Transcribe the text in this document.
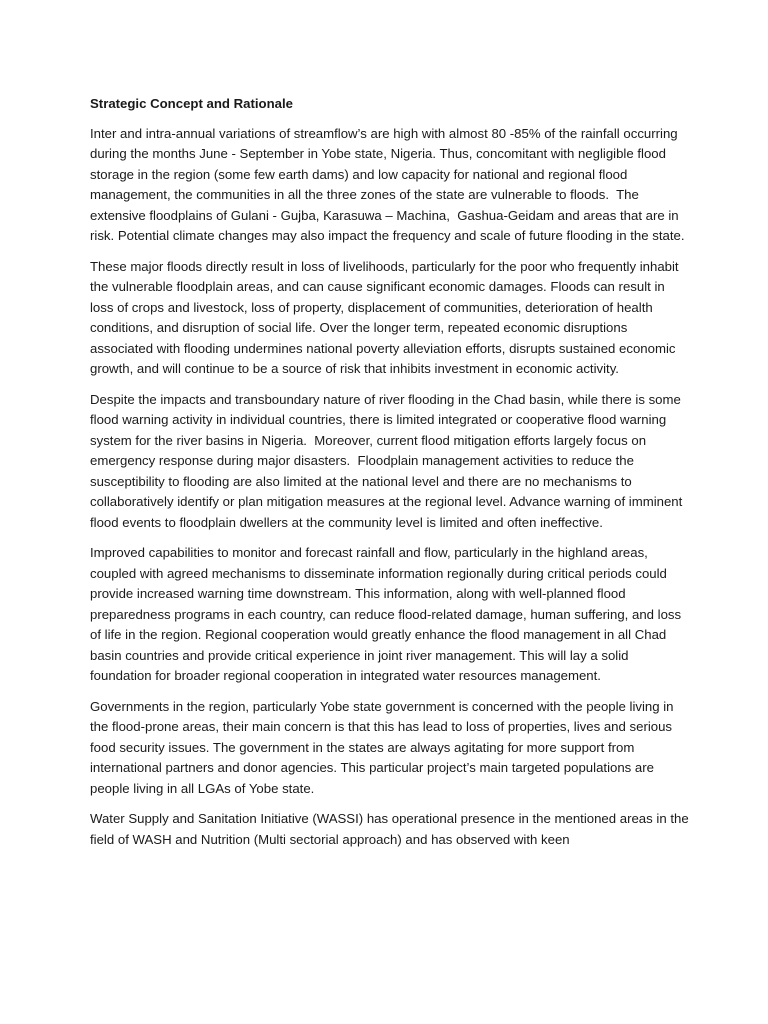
Strategic Concept and Rationale

Inter and intra-annual variations of streamflow’s are high with almost 80 -85% of the rainfall occurring during the months June - September in Yobe state, Nigeria. Thus, concomitant with negligible flood storage in the region (some few earth dams) and low capacity for national and regional flood management, the communities in all the three zones of the state are vulnerable to floods.  The extensive floodplains of Gulani - Gujba, Karasuwa – Machina,  Gashua-Geidam and areas that are in risk. Potential climate changes may also impact the frequency and scale of future flooding in the state.

These major floods directly result in loss of livelihoods, particularly for the poor who frequently inhabit the vulnerable floodplain areas, and can cause significant economic damages. Floods can result in loss of crops and livestock, loss of property, displacement of communities, deterioration of health conditions, and disruption of social life. Over the longer term, repeated economic disruptions associated with flooding undermines national poverty alleviation efforts, disrupts sustained economic growth, and will continue to be a source of risk that inhibits investment in economic activity.

Despite the impacts and transboundary nature of river flooding in the Chad basin, while there is some flood warning activity in individual countries, there is limited integrated or cooperative flood warning system for the river basins in Nigeria.  Moreover, current flood mitigation efforts largely focus on emergency response during major disasters.  Floodplain management activities to reduce the susceptibility to flooding are also limited at the national level and there are no mechanisms to collaboratively identify or plan mitigation measures at the regional level. Advance warning of imminent flood events to floodplain dwellers at the community level is limited and often ineffective.

Improved capabilities to monitor and forecast rainfall and flow, particularly in the highland areas, coupled with agreed mechanisms to disseminate information regionally during critical periods could provide increased warning time downstream. This information, along with well-planned flood preparedness programs in each country, can reduce flood-related damage, human suffering, and loss of life in the region. Regional cooperation would greatly enhance the flood management in all Chad basin countries and provide critical experience in joint river management. This will lay a solid foundation for broader regional cooperation in integrated water resources management.

Governments in the region, particularly Yobe state government is concerned with the people living in the flood-prone areas, their main concern is that this has lead to loss of properties, lives and serious food security issues. The government in the states are always agitating for more support from international partners and donor agencies. This particular project’s main targeted populations are people living in all LGAs of Yobe state.

Water Supply and Sanitation Initiative (WASSI) has operational presence in the mentioned areas in the field of WASH and Nutrition (Multi sectorial approach) and has observed with keen
